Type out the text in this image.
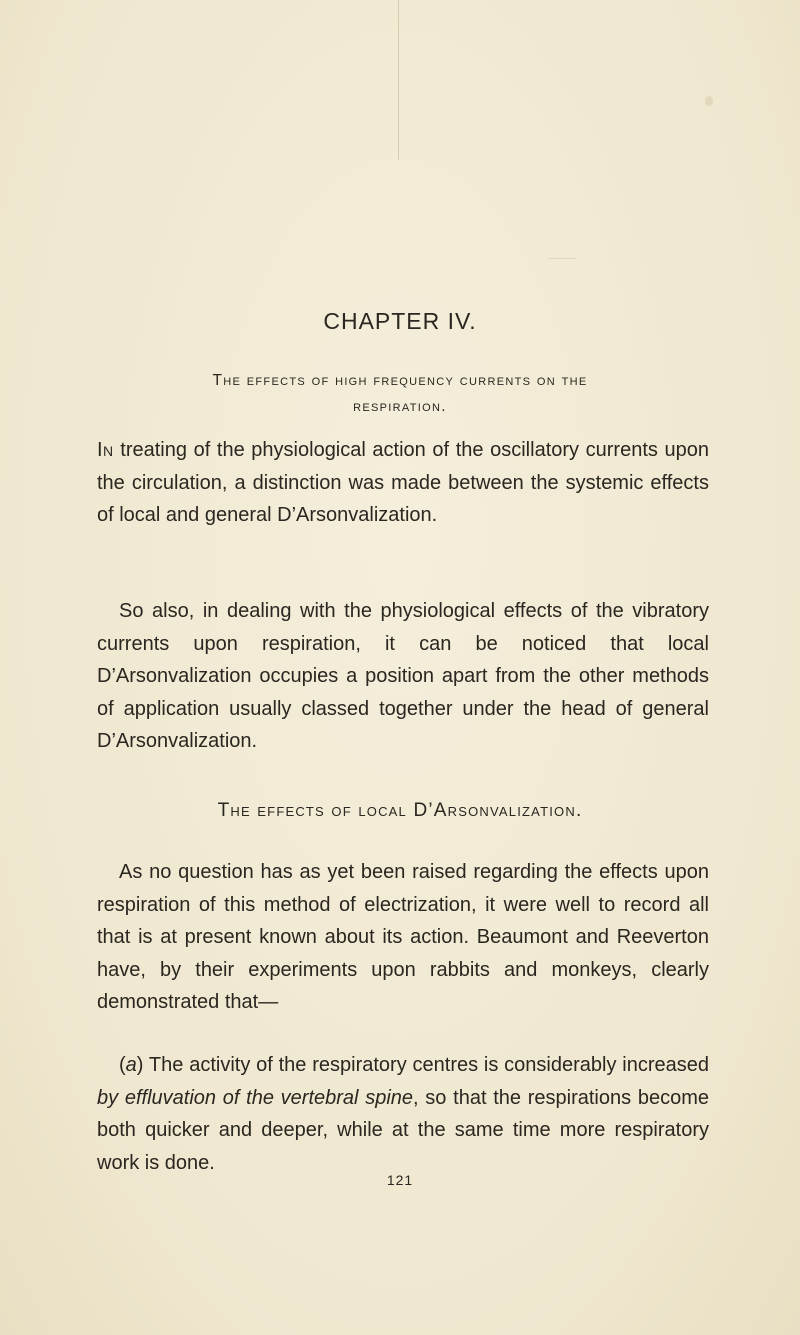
CHAPTER IV.
The effects of high frequency currents on the
respiration.

In treating of the physiological action of the oscillatory currents upon the circulation, a distinction was made between the systemic effects of local and general D’Arsonvalization.

So also, in dealing with the physiological effects of the vibratory currents upon respiration, it can be noticed that local D’Arsonvalization occupies a position apart from the other methods of application usually classed together under the head of general D’Arsonvalization.

The effects of local D’Arsonvalization.

As no question has as yet been raised regarding the effects upon respiration of this method of electrization, it were well to record all that is at present known about its action. Beaumont and Reeverton have, by their experiments upon rabbits and monkeys, clearly demonstrated that—

(a) The activity of the respiratory centres is considerably increased by effluvation of the vertebral spine, so that the respirations become both quicker and deeper, while at the same time more respiratory work is done.

121
